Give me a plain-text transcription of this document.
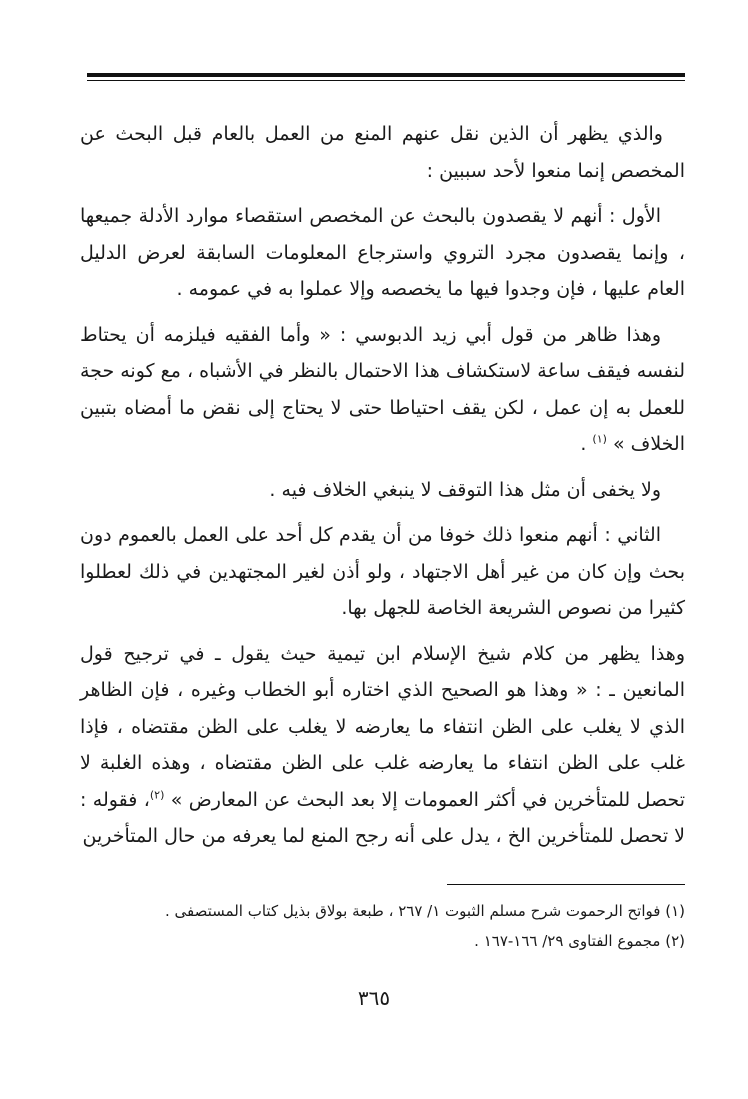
والذي يظهر أن الذين نقل عنهم المنع من العمل بالعام قبل البحث عن المخصص إنما منعوا لأحد سببين :

الأول : أنهم لا يقصدون بالبحث عن المخصص استقصاء موارد الأدلة جميعها ، وإنما يقصدون مجرد التروي واسترجاع المعلومات السابقة لعرض الدليل العام عليها ، فإن وجدوا فيها ما يخصصه وإلا عملوا به في عمومه .

وهذا ظاهر من قول أبي زيد الدبوسي : « وأما الفقيه فيلزمه أن يحتاط لنفسه فيقف ساعة لاستكشاف هذا الاحتمال بالنظر في الأشباه ، مع كونه حجة للعمل به إن عمل ، لكن يقف احتياطا حتى لا يحتاج إلى نقض ما أمضاه بتبين الخلاف » $^{(١)}$ .

ولا يخفى أن مثل هذا التوقف لا ينبغي الخلاف فيه .

الثاني : أنهم منعوا ذلك خوفا من أن يقدم كل أحد على العمل بالعموم دون بحث وإن كان من غير أهل الاجتهاد ، ولو أذن لغير المجتهدين في ذلك لعطلوا كثيرا من نصوص الشريعة الخاصة للجهل بها.

وهذا يظهر من كلام شيخ الإسلام ابن تيمية حيث يقول ـ في ترجيح قول المانعين ـ : « وهذا هو الصحيح الذي اختاره أبو الخطاب وغيره ، فإن الظاهر الذي لا يغلب على الظن انتفاء ما يعارضه لا يغلب على الظن مقتضاه ، فإذا غلب على الظن انتفاء ما يعارضه غلب على الظن مقتضاه ، وهذه الغلبة لا تحصل للمتأخرين في أكثر العمومات إلا بعد البحث عن المعارض » $^{(٢)}$، فقوله : لا تحصل للمتأخرين الخ ، يدل على أنه رجح المنع لما يعرفه من حال المتأخرين

(١) فواتح الرحموت شرح مسلم الثبوت ١/ ٢٦٧ ، طبعة بولاق بذيل كتاب المستصفى .
(٢) مجموع الفتاوى ٢٩/ ١٦٦-١٦٧ .
٣٦٥
